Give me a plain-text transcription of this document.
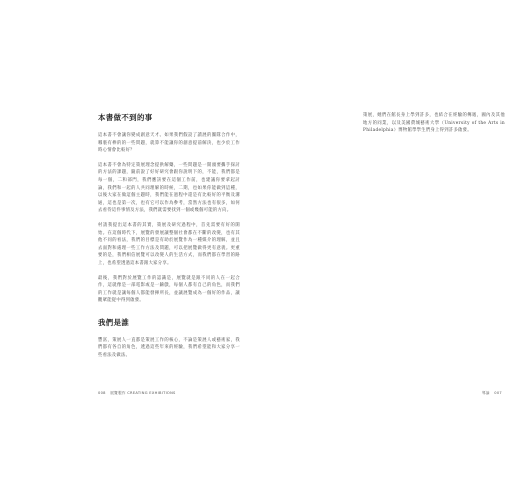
本書做不到的事

這本書不會讓你變成創意天才。如果我們假設了讀展的團隊合作中，哪裏有棒的的一些問題，就算不能讓你的創意提前解決，也少於工作時心情會比較好？

這本書不會為特定策展理念提供解藥，一些問題是一開頭要攜手探討的方法的課題，隨前說了好好研究會跟你說明下的，不能，我們都是每一個，二和部門，我們應該要在這個工作前，也建議你要拿起討論，我們和一起的人共同理解的時候，二期，也如果你能做到這種，以後大家在做這個主題時，我們能在過程中還是有比較好的平衡及溝通，這也是第一次，也有它可以作為參考，當然方法也有很多，如何去看待這件事情及方法，我們就需要找到一個或幾個可能的方向。

村請我提出這本書的其實，策展及研究過程中，首先需要有好的開始。在這個時代下，展覽的發展讓整個社會都在不斷的改變，也有其他不同的看法，我們的目標是有助於展覽作為一種媒介的理解，並且去面對和處理一些工作方法及問題，可以把展覽做得更有意義。更重要的是，我們相信展覽可以改變人的生活方式，而我們都在學習的路上，也希望透過這本書跟大家分享。

最後，我們對於展覽工作的認識是，展覽就是跟不同的人在一起合作，這就像是一部電影或是一齣戲，每個人都有自己的角色，而我們的工作就是讓每個人都能發揮所長，並讓展覽成為一個好的作品，讓觀眾能從中得到啟發。

我們是誰

豐富，策展人一直都是策展工作的核心，不論是策展人或藝術家，我們都有各自的角色，透過這些年來的經驗，我們希望能和大家分享一些看法及做法。

008 展覽製作 CREATING EXHIBITIONS

策展，她們在館長身上學到許多，也結合在經驗的傳遞，國內及其他地方的同業，以及美國費城藝術大學（University of the Arts in Philadelphia）博物館學學生們身上得到許多啟發。

導論 007
